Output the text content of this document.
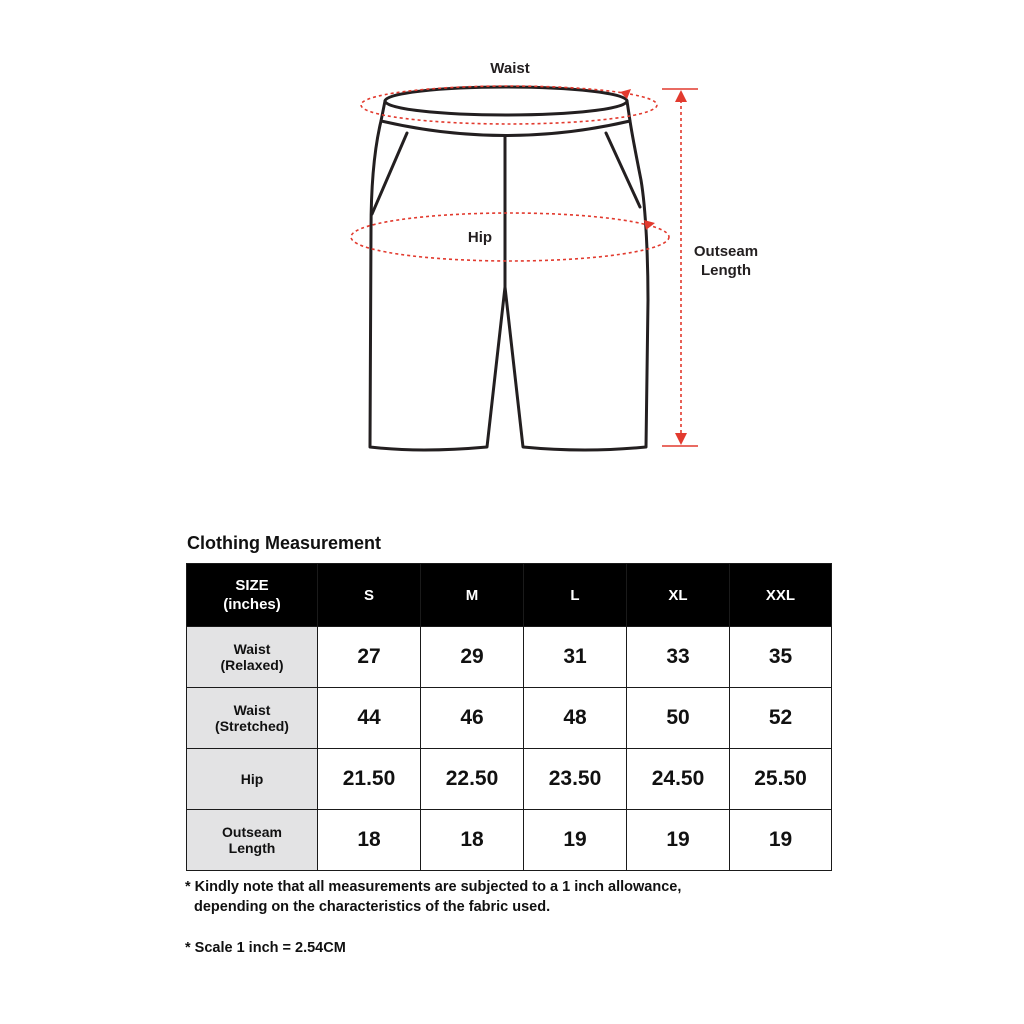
Waist
Hip
Outseam
Length
Clothing Measurement
SIZE
(inches)	S	M	L	XL	XXL

Waist
(Relaxed)	27	29	31	33	35

Waist
(Stretched)	44	46	48	50	52

Hip	21.50	22.50	23.50	24.50	25.50

Outseam
Length	18	18	19	19	19
* Kindly note that all measurements are subjected to a 1 inch allowance,
depending on the characteristics of the fabric used.
* Scale 1 inch = 2.54CM
